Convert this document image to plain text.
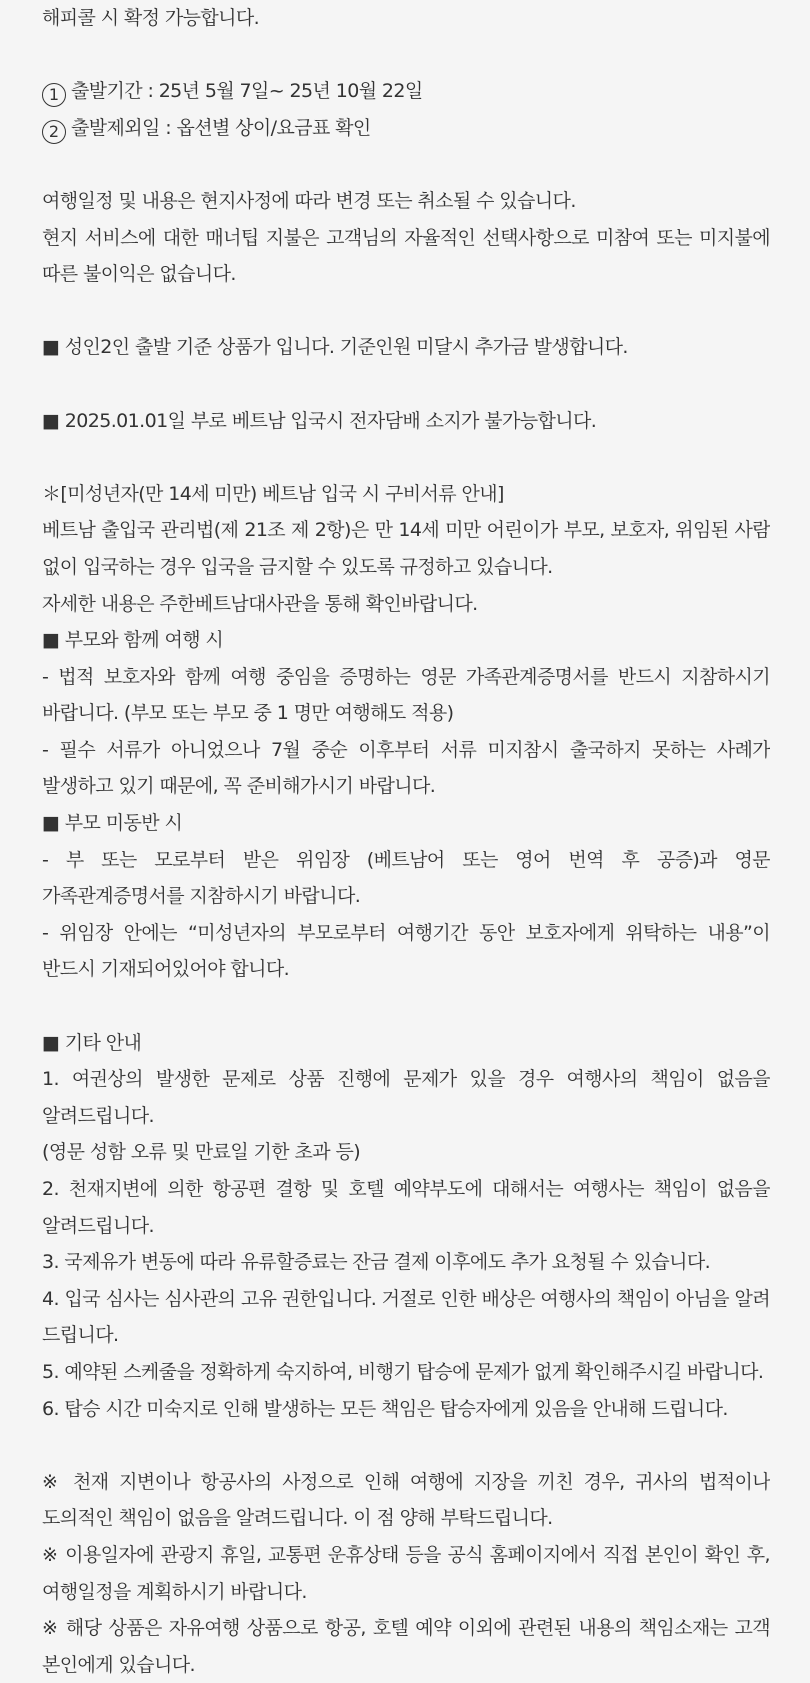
해피콜 시 확정 가능합니다.
1 출발기간 : 25년 5월 7일~ 25년 10월 22일
2 출발제외일 : 옵션별 상이/요금표 확인
여행일정 및 내용은 현지사정에 따라 변경 또는 취소될 수 있습니다.
현지 서비스에 대한 매너팁 지불은 고객님의 자율적인 선택사항으로 미참여 또는 미지불에
따른 불이익은 없습니다.
■ 성인2인 출발 기준 상품가 입니다. 기준인원 미달시 추가금 발생합니다.
■ 2025.01.01일 부로 베트남 입국시 전자담배 소지가 불가능합니다.
＊[미성년자(만 14세 미만) 베트남 입국 시 구비서류 안내]
베트남 출입국 관리법(제 21조 제 2항)은 만 14세 미만 어린이가 부모, 보호자, 위임된 사람
없이 입국하는 경우 입국을 금지할 수 있도록 규정하고 있습니다.
자세한 내용은 주한베트남대사관을 통해 확인바랍니다.
■ 부모와 함께 여행 시
- 법적 보호자와 함께 여행 중임을 증명하는 영문 가족관계증명서를 반드시 지참하시기
바랍니다. (부모 또는 부모 중 1 명만 여행해도 적용)
- 필수 서류가 아니었으나 7월 중순 이후부터 서류 미지참시 출국하지 못하는 사례가
발생하고 있기 때문에, 꼭 준비해가시기 바랍니다.
■ 부모 미동반 시
- 부 또는 모로부터 받은 위임장 (베트남어 또는 영어 번역 후 공증)과 영문
가족관계증명서를 지참하시기 바랍니다.
- 위임장 안에는 “미성년자의 부모로부터 여행기간 동안 보호자에게 위탁하는 내용”이
반드시 기재되어있어야 합니다.
■ 기타 안내
1. 여권상의 발생한 문제로 상품 진행에 문제가 있을 경우 여행사의 책임이 없음을
알려드립니다.
(영문 성함 오류 및 만료일 기한 초과 등)
2. 천재지변에 의한 항공편 결항 및 호텔 예약부도에 대해서는 여행사는 책임이 없음을
알려드립니다.
3. 국제유가 변동에 따라 유류할증료는 잔금 결제 이후에도 추가 요청될 수 있습니다.
4. 입국 심사는 심사관의 고유 권한입니다. 거절로 인한 배상은 여행사의 책임이 아님을 알려
드립니다.
5. 예약된 스케줄을 정확하게 숙지하여, 비행기 탑승에 문제가 없게 확인해주시길 바랍니다.
6. 탑승 시간 미숙지로 인해 발생하는 모든 책임은 탑승자에게 있음을 안내해 드립니다.
※ 천재 지변이나 항공사의 사정으로 인해 여행에 지장을 끼친 경우, 귀사의 법적이나
도의적인 책임이 없음을 알려드립니다. 이 점 양해 부탁드립니다.
※ 이용일자에 관광지 휴일, 교통편 운휴상태 등을 공식 홈페이지에서 직접 본인이 확인 후,
여행일정을 계획하시기 바랍니다.
※ 해당 상품은 자유여행 상품으로 항공, 호텔 예약 이외에 관련된 내용의 책임소재는 고객
본인에게 있습니다.
